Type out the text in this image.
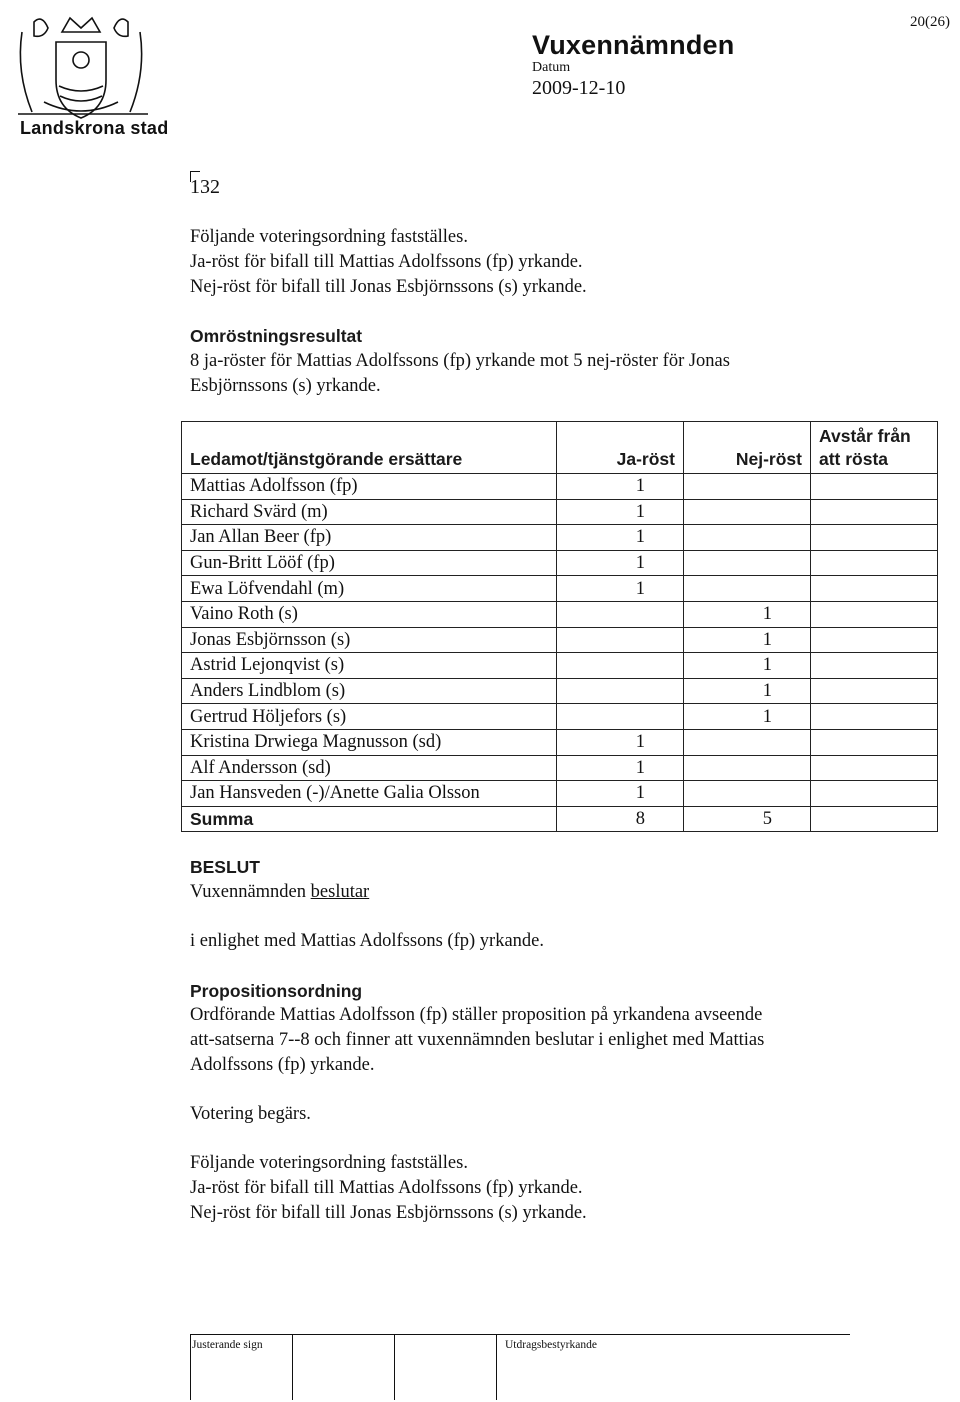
20(26)
Landskrona stad
Vuxennämnden
Datum
2009-12-10
132
Följande voteringsordning fastställes.
Ja-röst för bifall till Mattias Adolfssons (fp) yrkande.
Nej-röst för bifall till Jonas Esbjörnssons (s) yrkande.
Omröstningsresultat
8 ja-röster för Mattias Adolfssons (fp) yrkande mot 5 nej-röster för Jonas
Esbjörnssons (s) yrkande.
Ledamot/tjänstgörande ersättare	Ja-röst	Nej-röst	Avstår från
att rösta
Mattias Adolfsson (fp)	1		
Richard Svärd (m)	1		
Jan Allan Beer (fp)	1		
Gun-Britt Lööf (fp)	1		
Ewa Löfvendahl (m)	1		
Vaino Roth (s)		1	
Jonas Esbjörnsson (s)		1	
Astrid Lejonqvist (s)		1	
Anders Lindblom (s)		1	
Gertrud Höljefors (s)		1	
Kristina Drwiega Magnusson (sd)	1		
Alf Andersson (sd)	1		
Jan Hansveden (-)/Anette Galia Olsson	1		
Summa	8	5	
BESLUT
Vuxennämnden beslutar
i enlighet med Mattias Adolfssons (fp) yrkande.
Propositionsordning
Ordförande Mattias Adolfsson (fp) ställer proposition på yrkandena avseende
att-satserna 7--8 och finner att vuxennämnden beslutar i enlighet med Mattias
Adolfssons (fp) yrkande.
Votering begärs.
Följande voteringsordning fastställes.
Ja-röst för bifall till Mattias Adolfssons (fp) yrkande.
Nej-röst för bifall till Jonas Esbjörnssons (s) yrkande.
Justerande sign	Utdragsbestyrkande
